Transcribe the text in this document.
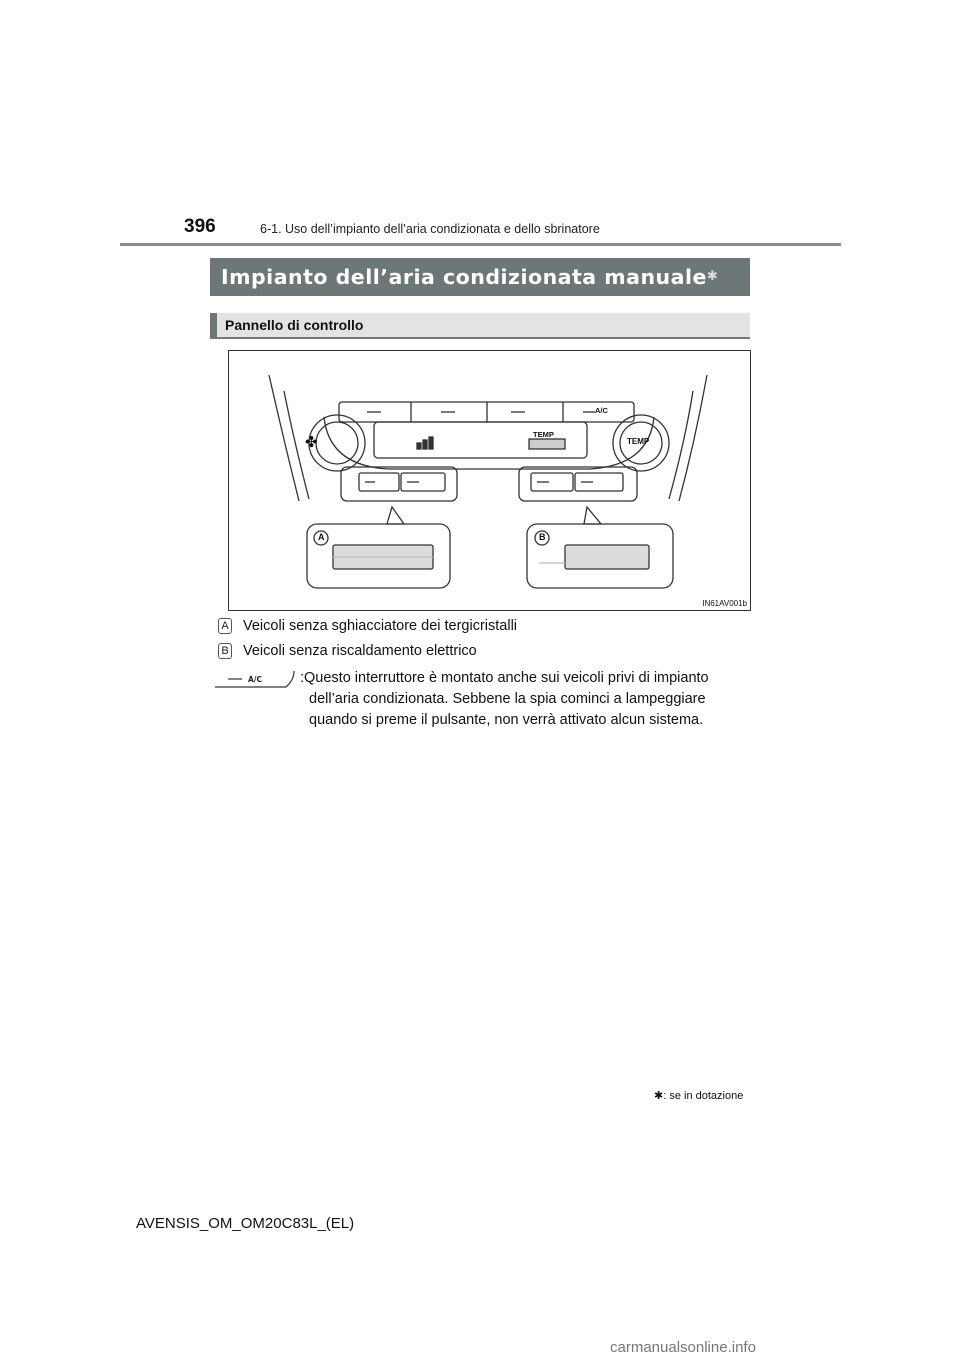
396	6-1. Uso dell’impianto dell’aria condizionata e dello sbrinatore
Impianto dell’aria condizionata manuale ✱
Pannello di controllo
✤	TEMP
TEMP
A/C
A	B
IN61AV001b
A Veicoli senza sghiacciatore dei tergicristalli
B Veicoli senza riscaldamento elettrico
A/C	:Questo interruttore è montato anche sui veicoli privi di impianto
dell’aria condizionata. Sebbene la spia cominci a lampeggiare
quando si preme il pulsante, non verrà attivato alcun sistema.
✱: se in dotazione
AVENSIS_OM_OM20C83L_(EL)
carmanualsonline.info
